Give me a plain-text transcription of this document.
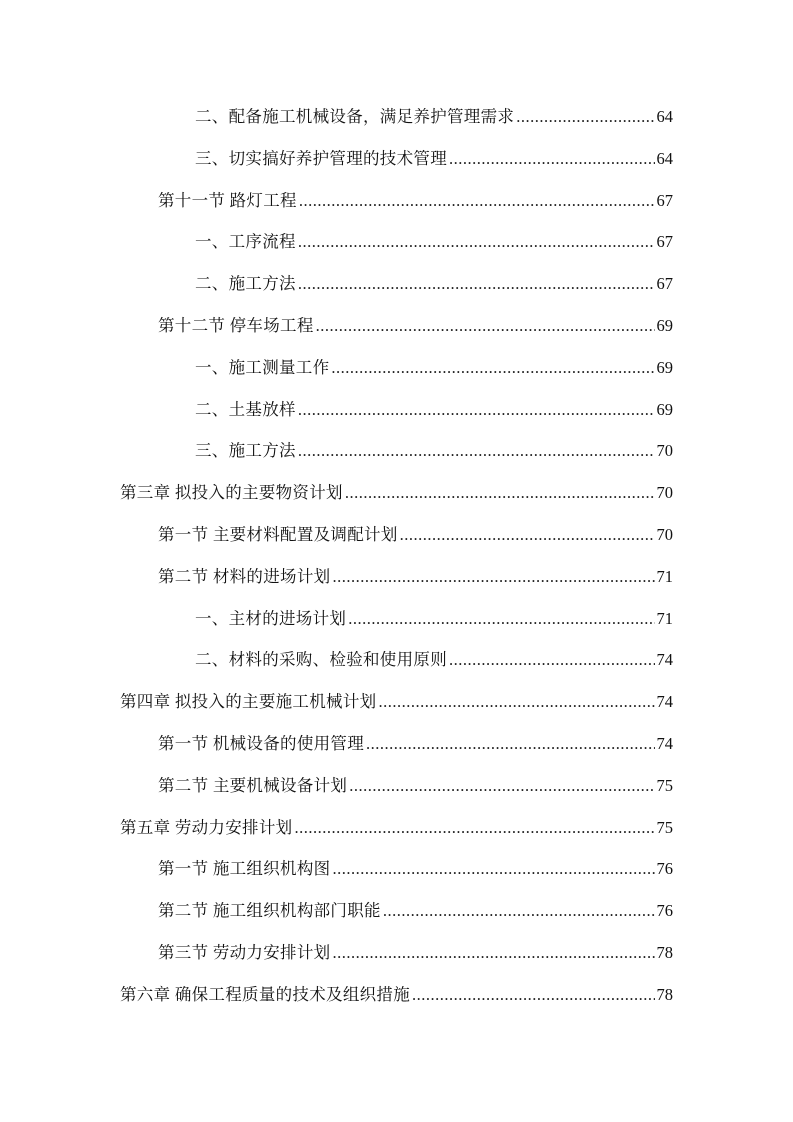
二、配备施工机械设备，满足养护管理需求 .....	64
三、切实搞好养护管理的技术管理 .....	64
第十一节 路灯工程 .....	67
一、工序流程 .....	67
二、施工方法 .....	67
第十二节 停车场工程 .....	69
一、施工测量工作 .....	69
二、土基放样 .....	69
三、施工方法 .....	70
第三章 拟投入的主要物资计划 .....	70
第一节 主要材料配置及调配计划 .....	70
第二节 材料的进场计划 .....	71
一、主材的进场计划 .....	71
二、材料的采购、检验和使用原则 .....	74
第四章 拟投入的主要施工机械计划 .....	74
第一节 机械设备的使用管理 .....	74
第二节 主要机械设备计划 .....	75
第五章 劳动力安排计划 .....	75
第一节 施工组织机构图 .....	76
第二节 施工组织机构部门职能 .....	76
第三节 劳动力安排计划 .....	78
第六章 确保工程质量的技术及组织措施 .....	78
